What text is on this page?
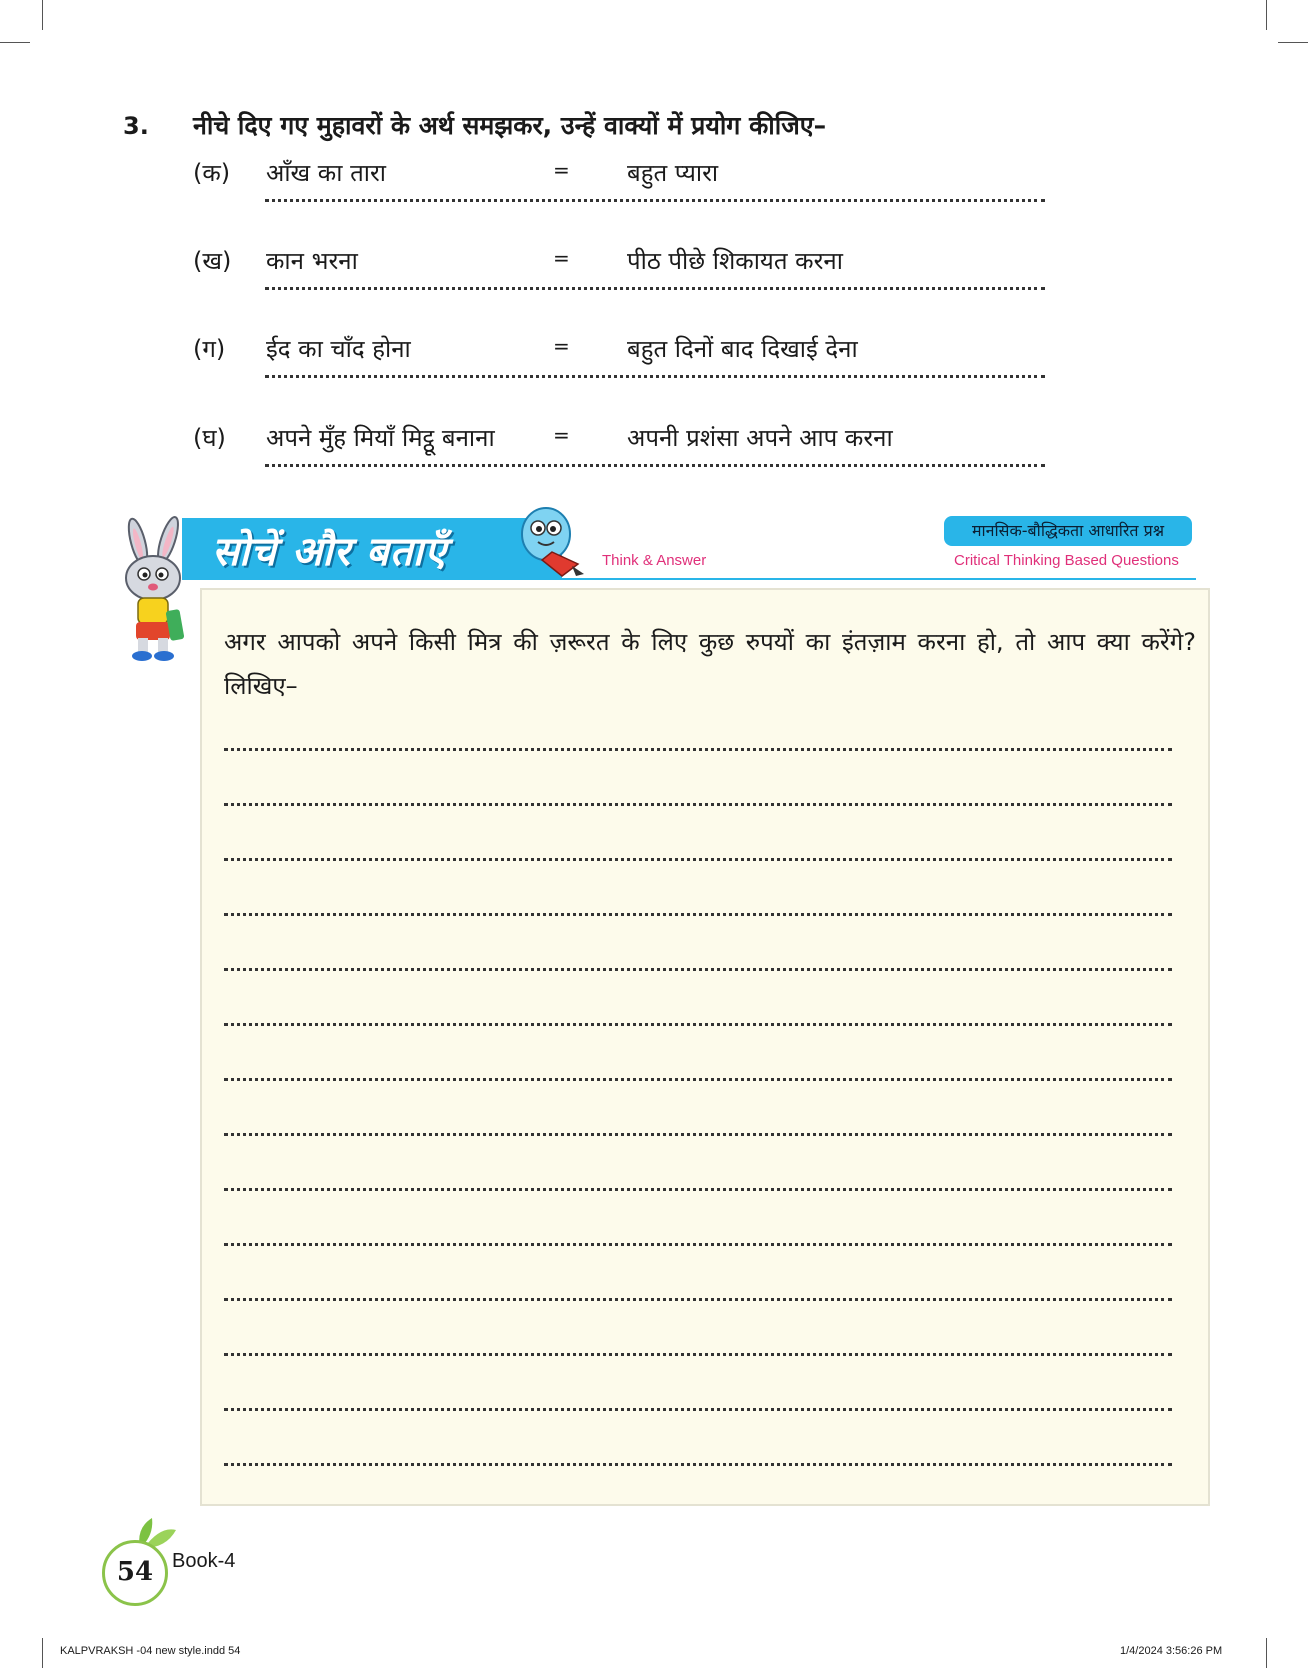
3. नीचे दिए गए मुहावरों के अर्थ समझकर, उन्हें वाक्यों में प्रयोग कीजिए–
(क) आँख का तारा	= बहुत प्यारा
(ख) कान भरना	= पीठ पीछे शिकायत करना
(ग) ईद का चाँद होना	= बहुत दिनों बाद दिखाई देना
(घ) अपने मुँह मियाँ मिट्ठू बनाना	= अपनी प्रशंसा अपने आप करना
सोचें और बताएँ	Think & Answer
मानसिक-बौद्धिकता आधारित प्रश्न
Critical Thinking Based Questions
अगर आपको अपने किसी मित्र की ज़रूरत के लिए कुछ रुपयों का इंतज़ाम करना हो, तो आप क्या करेंगे? लिखिए–
54 Book-4
KALPVRAKSH -04 new style.indd 54	1/4/2024 3:56:26 PM
